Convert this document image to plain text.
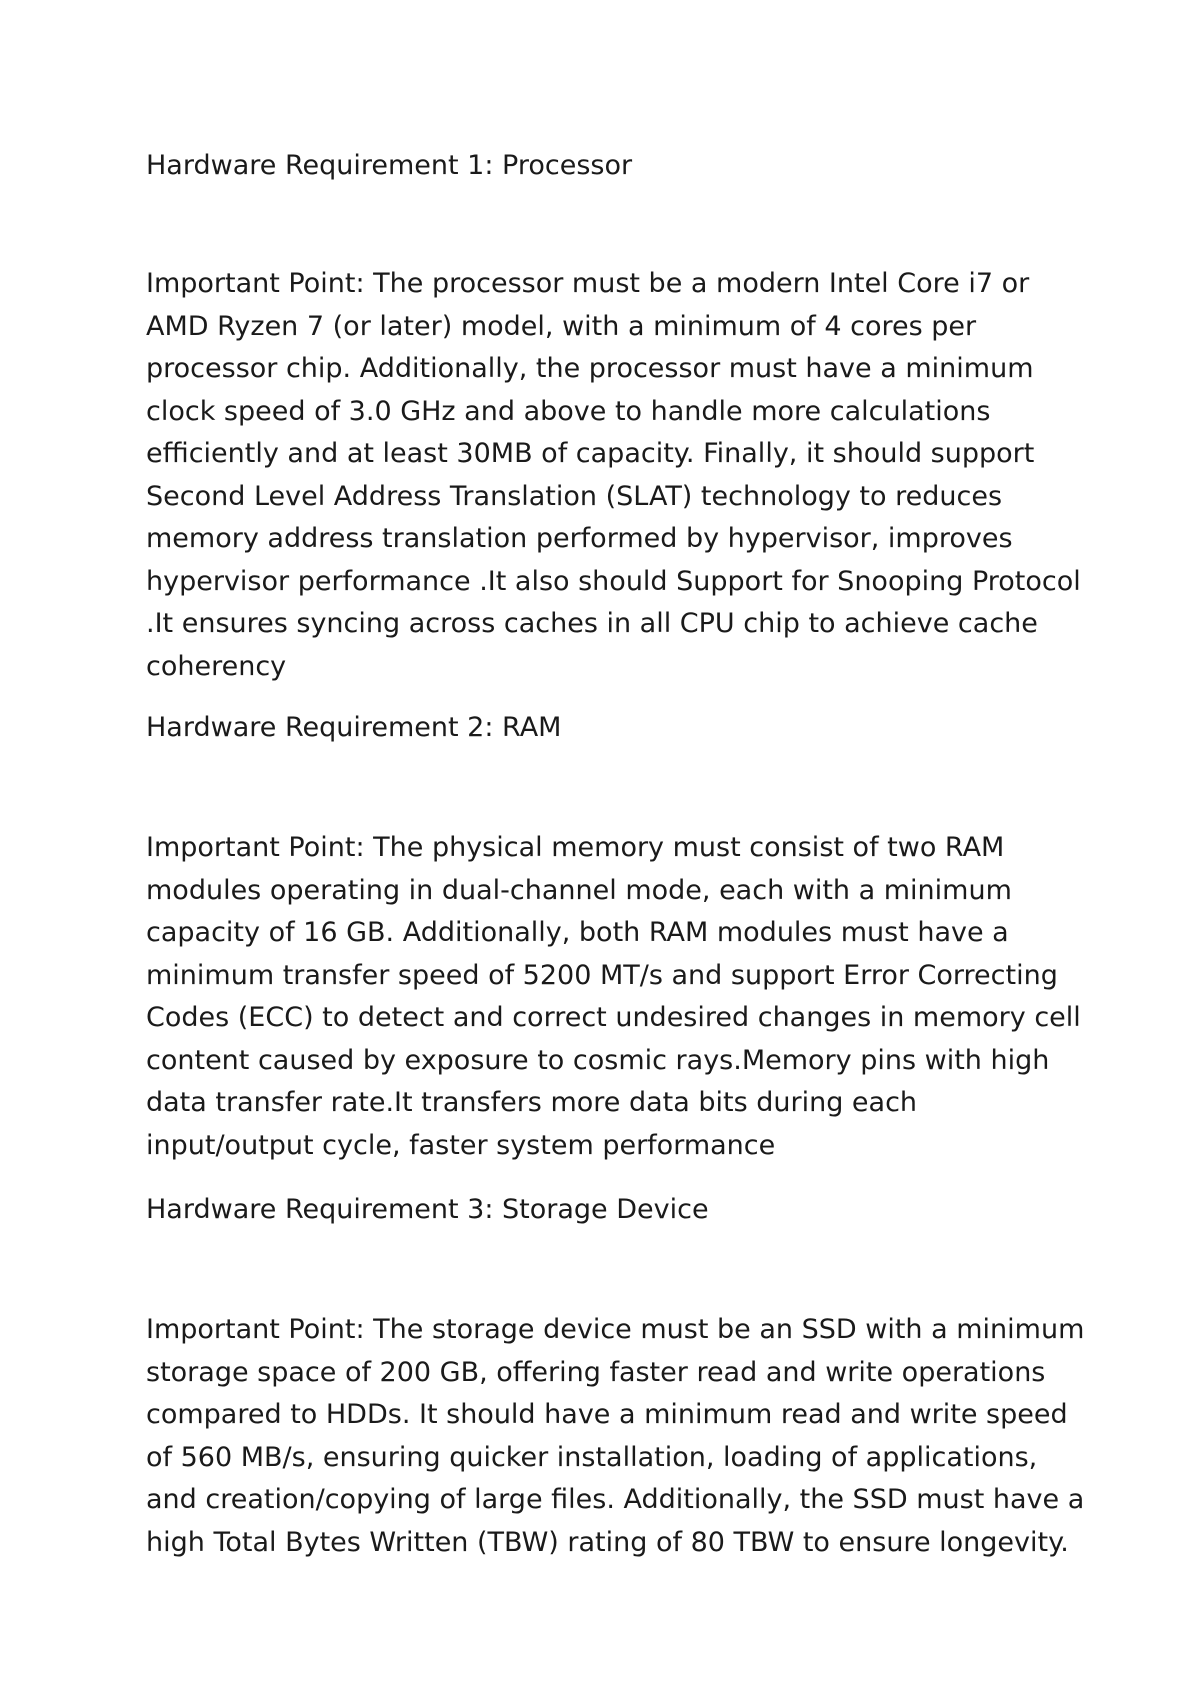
Hardware Requirement 1: Processor

Important Point: The processor must be a modern Intel Core i7 or
AMD Ryzen 7 (or later) model, with a minimum of 4 cores per
processor chip. Additionally, the processor must have a minimum
clock speed of 3.0 GHz and above to handle more calculations
efficiently and at least 30MB of capacity. Finally, it should support
Second Level Address Translation (SLAT) technology to reduces
memory address translation performed by hypervisor, improves
hypervisor performance .It also should Support for Snooping Protocol
.It ensures syncing across caches in all CPU chip to achieve cache
coherency

Hardware Requirement 2: RAM

Important Point: The physical memory must consist of two RAM
modules operating in dual-channel mode, each with a minimum
capacity of 16 GB. Additionally, both RAM modules must have a
minimum transfer speed of 5200 MT/s and support Error Correcting
Codes (ECC) to detect and correct undesired changes in memory cell
content caused by exposure to cosmic rays.Memory pins with high
data transfer rate.It transfers more data bits during each
input/output cycle, faster system performance

Hardware Requirement 3: Storage Device

Important Point: The storage device must be an SSD with a minimum
storage space of 200 GB, offering faster read and write operations
compared to HDDs. It should have a minimum read and write speed
of 560 MB/s, ensuring quicker installation, loading of applications,
and creation/copying of large files. Additionally, the SSD must have a
high Total Bytes Written (TBW) rating of 80 TBW to ensure longevity.
